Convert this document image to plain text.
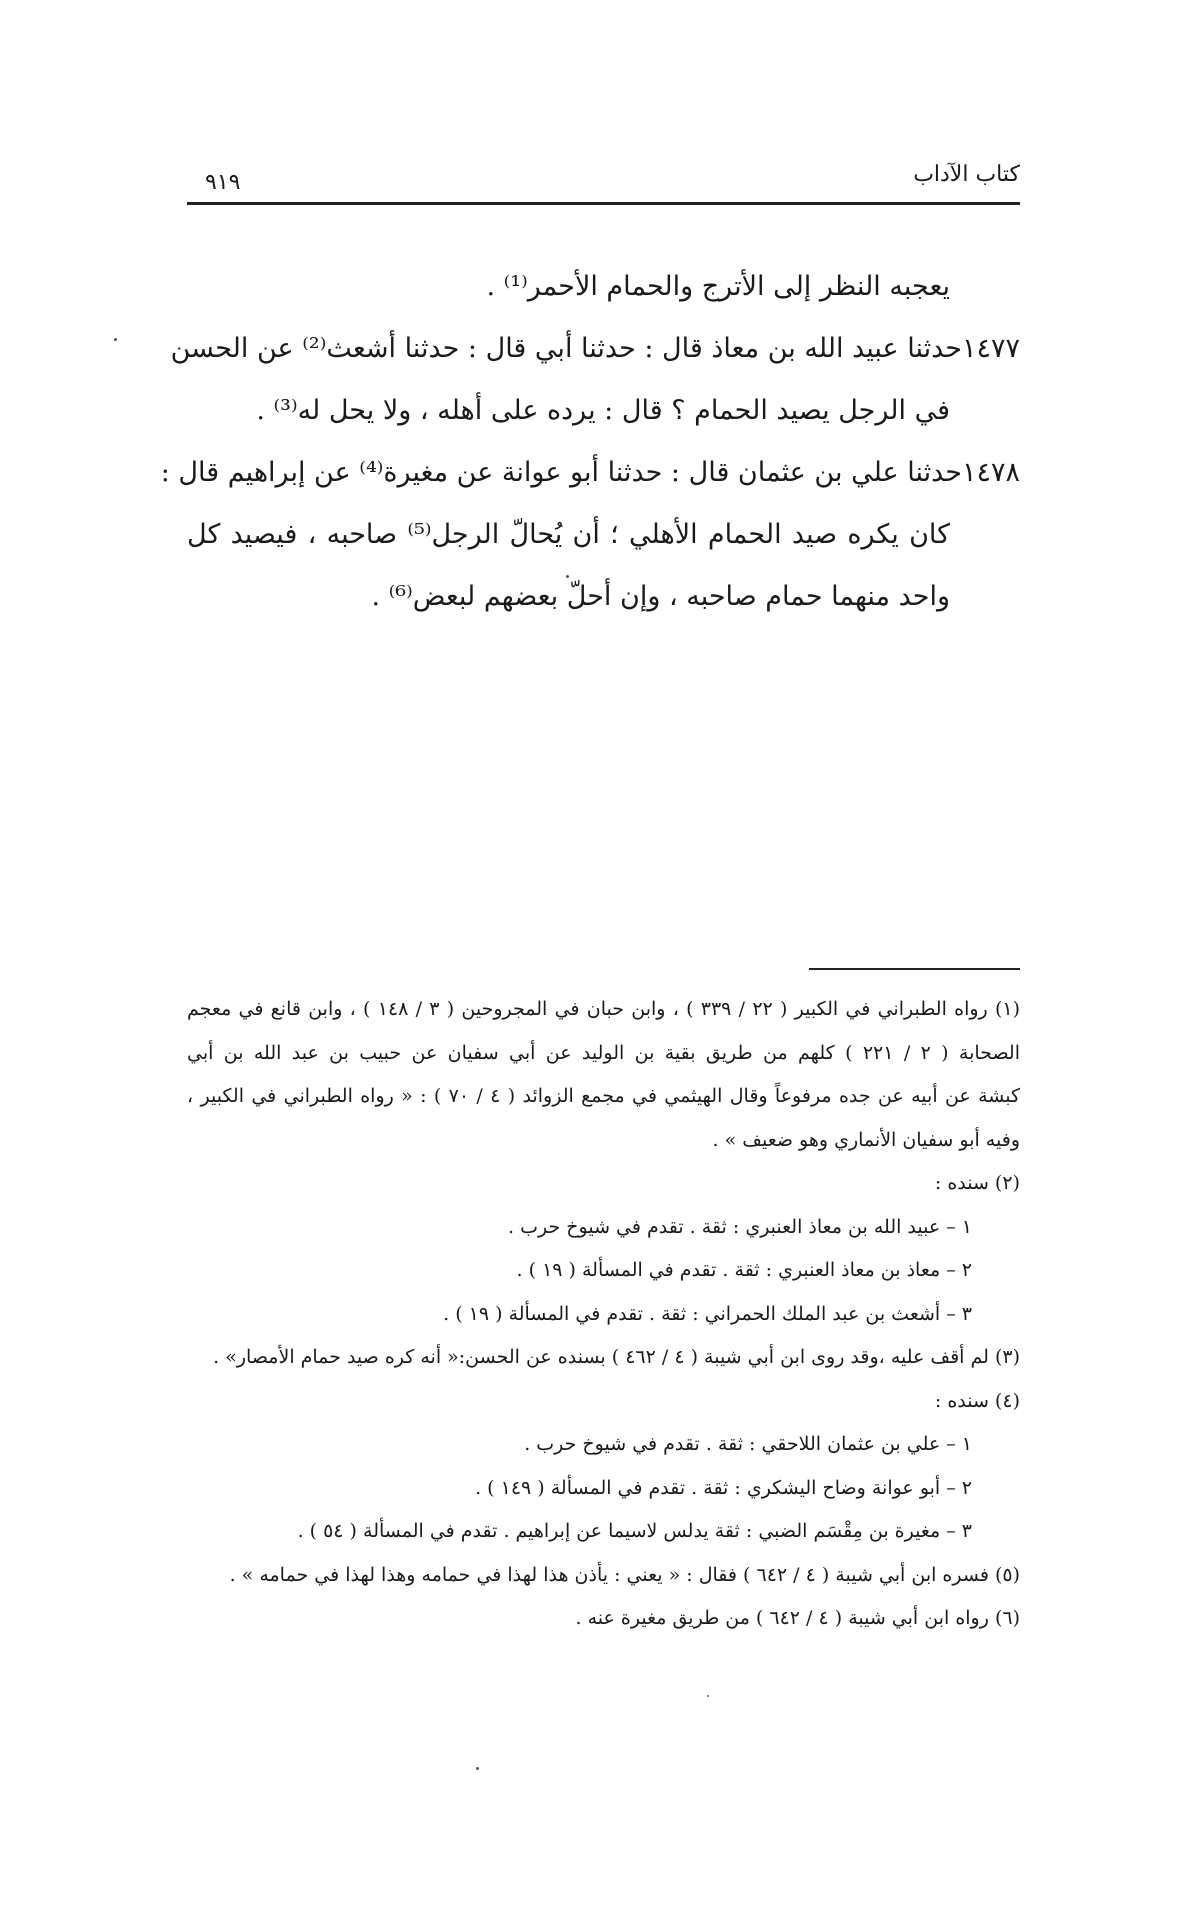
كتاب الآداب
٩١٩
يعجبه النظر إلى الأترج والحمام الأحمر⁽¹⁾ .
١٤٧٧
حدثنا عبيد الله بن معاذ قال : حدثنا أبي قال : حدثنا أشعث⁽²⁾ عن الحسن
في الرجل يصيد الحمام ؟ قال : يرده على أهله ، ولا يحل له⁽³⁾ .
١٤٧٨
حدثنا علي بن عثمان قال : حدثنا أبو عوانة عن مغيرة⁽⁴⁾ عن إبراهيم قال :
كان يكره صيد الحمام الأهلي ؛ أن يُحالّ الرجل⁽⁵⁾ صاحبه ، فيصيد كل
واحد منهما حمام صاحبه ، وإن أحلّ بعضهم لبعض⁽⁶⁾ .
(١) رواه الطبراني في الكبير ( ٢٢ / ٣٣٩ ) ، وابن حبان في المجروحين ( ٣ / ١٤٨ ) ، وابن قانع في معجم
الصحابة ( ٢ / ٢٢١ ) كلهم من طريق بقية بن الوليد عن أبي سفيان عن حبيب بن عبد الله بن أبي
كبشة عن أبيه عن جده مرفوعاً وقال الهيثمي في مجمع الزوائد ( ٤ / ٧٠ ) : « رواه الطبراني في الكبير ،
وفيه أبو سفيان الأنماري وهو ضعيف » .
(٢) سنده :
١ – عبيد الله بن معاذ العنبري : ثقة . تقدم في شيوخ حرب .
٢ – معاذ بن معاذ العنبري : ثقة . تقدم في المسألة ( ١٩ ) .
٣ – أشعث بن عبد الملك الحمراني : ثقة . تقدم في المسألة ( ١٩ ) .
(٣) لم أقف عليه ،وقد روى ابن أبي شيبة ( ٤ / ٤٦٢ ) بسنده عن الحسن:« أنه كره صيد حمام الأمصار» .
(٤) سنده :
١ – علي بن عثمان اللاحقي : ثقة . تقدم في شيوخ حرب .
٢ – أبو عوانة وضاح اليشكري : ثقة . تقدم في المسألة ( ١٤٩ ) .
٣ – مغيرة بن مِقْسَم الضبي : ثقة يدلس لاسيما عن إبراهيم . تقدم في المسألة ( ٥٤ ) .
(٥) فسره ابن أبي شيبة ( ٤ / ٦٤٢ ) فقال : « يعني : يأذن هذا لهذا في حمامه وهذا لهذا في حمامه » .
(٦) رواه ابن أبي شيبة ( ٤ / ٦٤٢ ) من طريق مغيرة عنه .
